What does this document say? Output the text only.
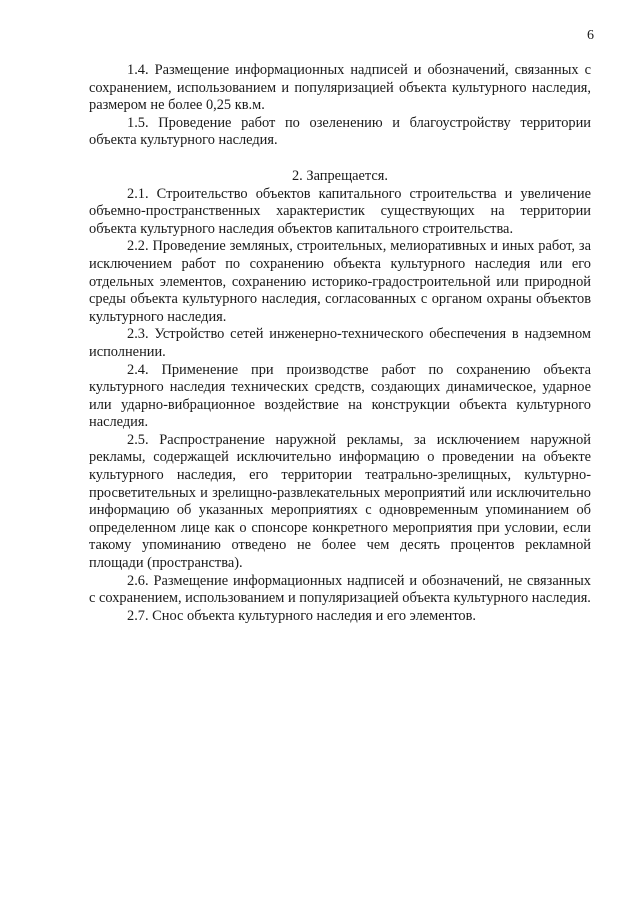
6

1.4. Размещение информационных надписей и обозначений, связанных с сохранением, использованием и популяризацией объекта культурного наследия, размером не более 0,25 кв.м.

1.5. Проведение работ по озеленению и благоустройству территории объекта культурного наследия.

2. Запрещается.

2.1. Строительство объектов капитального строительства и увеличение объемно-пространственных характеристик существующих на территории объекта культурного наследия объектов капитального строительства.

2.2. Проведение земляных, строительных, мелиоративных и иных работ, за исключением работ по сохранению объекта культурного наследия или его отдельных элементов, сохранению историко-градостроительной или природной среды объекта культурного наследия, согласованных с органом охраны объектов культурного наследия.

2.3. Устройство сетей инженерно-технического обеспечения в надземном исполнении.

2.4. Применение при производстве работ по сохранению объекта культурного наследия технических средств, создающих динамическое, ударное или ударно-вибрационное воздействие на конструкции объекта культурного наследия.

2.5. Распространение наружной рекламы, за исключением наружной рекламы, содержащей исключительно информацию о проведении на объекте культурного наследия, его территории театрально-зрелищных, культурно-просветительных и зрелищно-развлекательных мероприятий или исключительно информацию об указанных мероприятиях с одновременным упоминанием об определенном лице как о спонсоре конкретного мероприятия при условии, если такому упоминанию отведено не более чем десять процентов рекламной площади (пространства).

2.6. Размещение информационных надписей и обозначений, не связанных с сохранением, использованием и популяризацией объекта культурного наследия.

2.7. Снос объекта культурного наследия и его элементов.
